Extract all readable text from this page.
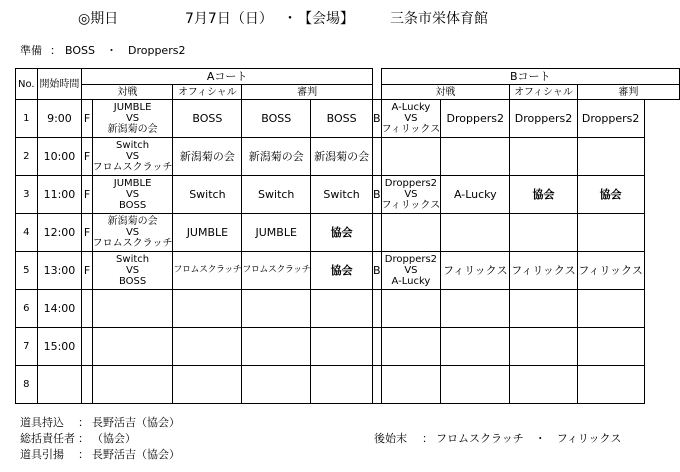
◎期日	7月7日（日） ・ 【会場】	三条市栄体育館
準備 ： BOSS　・　Droppers2
No.	開始時間	Aコート						Bコート			
		対戦		オフィシャル	審判			対戦		オフィシャル	審判
1	9:00	F	JUMBLE
VS
新潟菊の会	BOSS	BOSS	BOSS	B	A-Lucky
VS
フィリックス	Droppers2	Droppers2	Droppers2
2	10:00	F	Switch
VS
フロムスクラッチ	新潟菊の会	新潟菊の会	新潟菊の会		

3	11:00	F	JUMBLE
VS
BOSS	Switch	Switch	Switch	B	Droppers2
VS
フィリックス	A-Lucky	協会	協会
4	12:00	F	新潟菊の会
VS
フロムスクラッチ	JUMBLE	JUMBLE	協会		

5	13:00	F	Switch
VS
BOSS	フロムスクラッチ	フロムスクラッチ	協会	B	Droppers2
VS
A-Lucky	フィリックス	フィリックス	フィリックス
6	14:00		

7	15:00		

8			

道具持込 ： 長野活吉（協会）
総括責任者 ： （協会）
道具引揚 ： 長野活吉（協会）
後始末 ： フロムスクラッチ　・　フィリックス
